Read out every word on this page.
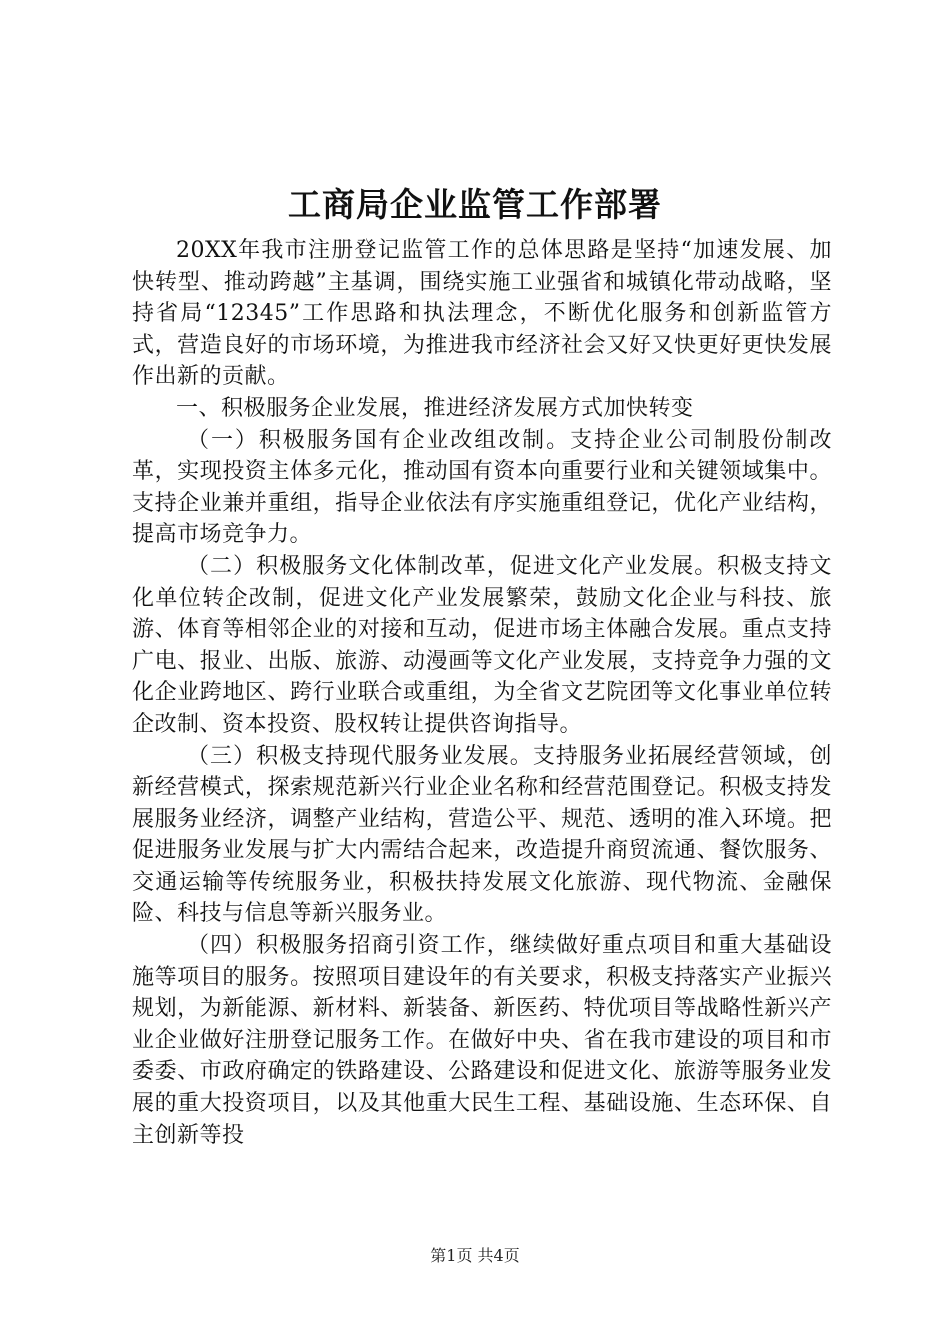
工商局企业监管工作部署

20XX年我市注册登记监管工作的总体思路是坚持“加速发展、加快转型、推动跨越”主基调，围绕实施工业强省和城镇化带动战略，坚持省局“12345”工作思路和执法理念，不断优化服务和创新监管方式，营造良好的市场环境，为推进我市经济社会又好又快更好更快发展作出新的贡献。

一、积极服务企业发展，推进经济发展方式加快转变

（一）积极服务国有企业改组改制。支持企业公司制股份制改革，实现投资主体多元化，推动国有资本向重要行业和关键领域集中。支持企业兼并重组，指导企业依法有序实施重组登记，优化产业结构，提高市场竞争力。

（二）积极服务文化体制改革，促进文化产业发展。积极支持文化单位转企改制，促进文化产业发展繁荣，鼓励文化企业与科技、旅游、体育等相邻企业的对接和互动，促进市场主体融合发展。重点支持广电、报业、出版、旅游、动漫画等文化产业发展，支持竞争力强的文化企业跨地区、跨行业联合或重组，为全省文艺院团等文化事业单位转企改制、资本投资、股权转让提供咨询指导。

（三）积极支持现代服务业发展。支持服务业拓展经营领域，创新经营模式，探索规范新兴行业企业名称和经营范围登记。积极支持发展服务业经济，调整产业结构，营造公平、规范、透明的准入环境。把促进服务业发展与扩大内需结合起来，改造提升商贸流通、餐饮服务、交通运输等传统服务业，积极扶持发展文化旅游、现代物流、金融保险、科技与信息等新兴服务业。

（四）积极服务招商引资工作，继续做好重点项目和重大基础设施等项目的服务。按照项目建设年的有关要求，积极支持落实产业振兴规划，为新能源、新材料、新装备、新医药、特优项目等战略性新兴产业企业做好注册登记服务工作。在做好中央、省在我市建设的项目和市委委、市政府确定的铁路建设、公路建设和促进文化、旅游等服务业发展的重大投资项目，以及其他重大民生工程、基础设施、生态环保、自主创新等投

第1页 共4页
